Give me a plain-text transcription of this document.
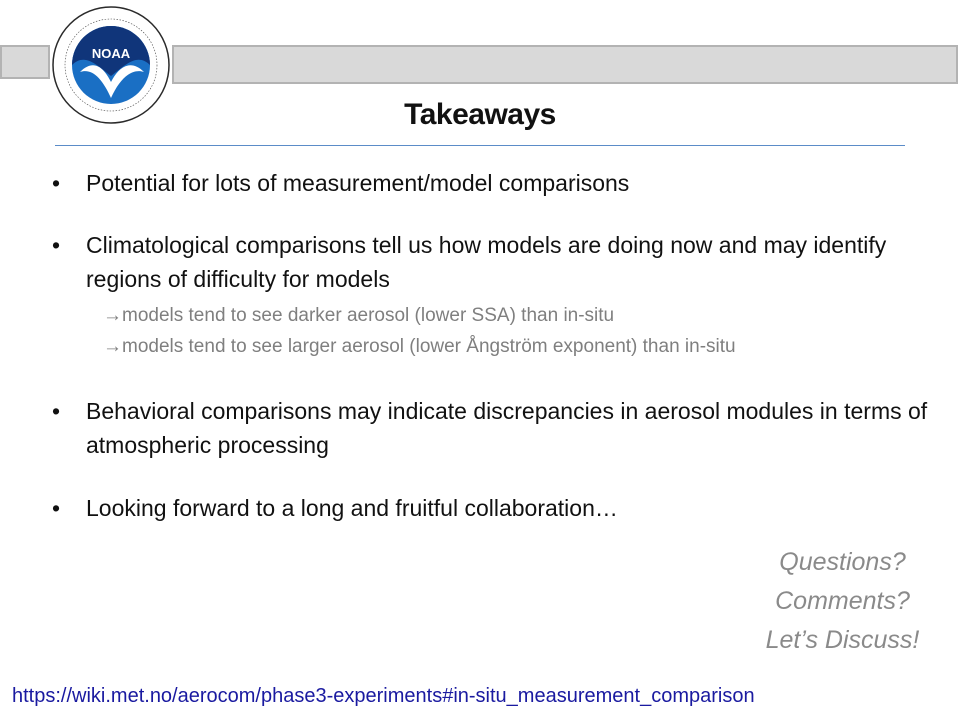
NOAA
Takeaways
•	Potential for lots of measurement/model comparisons
•	Climatological comparisons tell us how models are doing now and may identify regions of difficulty for models
→models tend to see darker aerosol (lower SSA) than in-situ
→models tend to see larger aerosol (lower Ångström exponent) than in-situ
•	Behavioral comparisons may indicate discrepancies in aerosol modules in terms of atmospheric processing
•	Looking forward to a long and fruitful collaboration…
Questions?
Comments?
Let’s Discuss!
https://wiki.met.no/aerocom/phase3-experiments#in-situ_measurement_comparison
